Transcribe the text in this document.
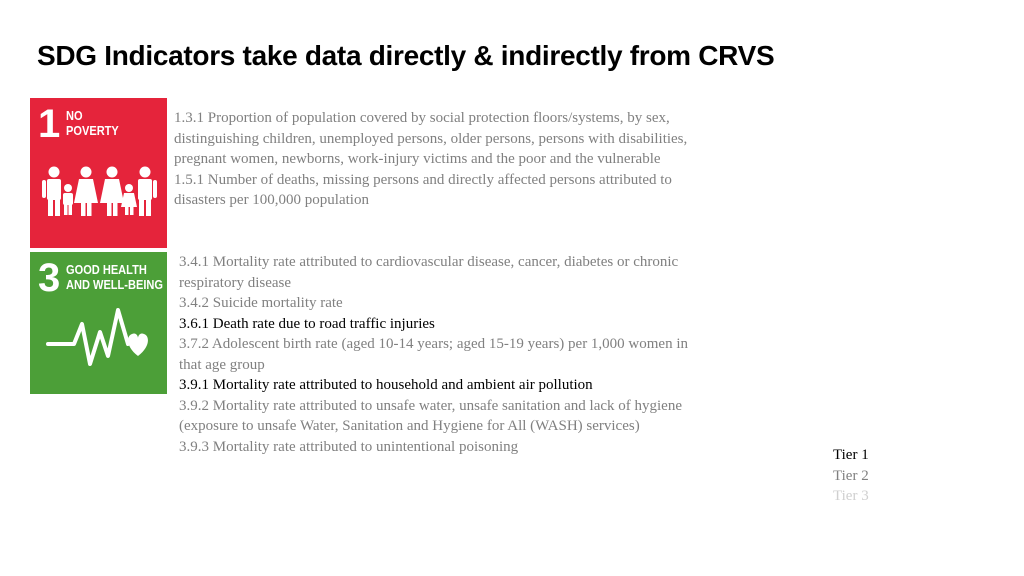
SDG Indicators take data directly & indirectly from CRVS
1 NO
POVERTY
3 GOOD HEALTH
AND WELL-BEING
1.3.1 Proportion of population covered by social protection floors/systems, by sex,
distinguishing children, unemployed persons, older persons, persons with disabilities,
pregnant women, newborns, work-injury victims and the poor and the vulnerable
1.5.1 Number of deaths, missing persons and directly affected persons attributed to
disasters per 100,000 population
3.4.1 Mortality rate attributed to cardiovascular disease, cancer, diabetes or chronic
respiratory disease
3.4.2 Suicide mortality rate
3.6.1 Death rate due to road traffic injuries
3.7.2 Adolescent birth rate (aged 10-14 years; aged 15-19 years) per 1,000 women in
that age group
3.9.1 Mortality rate attributed to household and ambient air pollution
3.9.2 Mortality rate attributed to unsafe water, unsafe sanitation and lack of hygiene
(exposure to unsafe Water, Sanitation and Hygiene for All (WASH) services)
3.9.3 Mortality rate attributed to unintentional poisoning
Tier 1
Tier 2
Tier 3
